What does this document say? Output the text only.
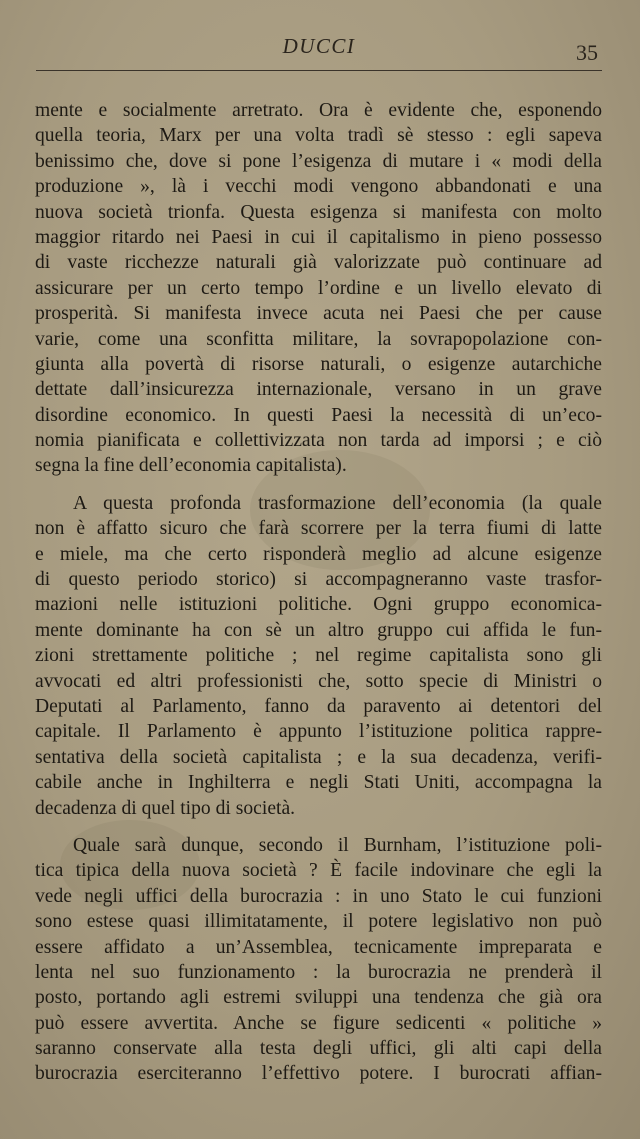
DUCCI	35
mente e socialmente arretrato. Ora è evidente che, esponendo
quella teoria, Marx per una volta tradì sè stesso : egli sapeva
benissimo che, dove si pone l’esigenza di mutare i « modi della
produzione », là i vecchi modi vengono abbandonati e una
nuova società trionfa. Questa esigenza si manifesta con molto
maggior ritardo nei Paesi in cui il capitalismo in pieno possesso
di vaste ricchezze naturali già valorizzate può continuare ad
assicurare per un certo tempo l’ordine e un livello elevato di
prosperità. Si manifesta invece acuta nei Paesi che per cause
varie, come una sconfitta militare, la sovrapopolazione con-
giunta alla povertà di risorse naturali, o esigenze autarchiche
dettate dall’insicurezza internazionale, versano in un grave
disordine economico. In questi Paesi la necessità di un’eco-
nomia pianificata e collettivizzata non tarda ad imporsi ; e ciò
segna la fine dell’economia capitalista).
A questa profonda trasformazione dell’economia (la quale
non è affatto sicuro che farà scorrere per la terra fiumi di latte
e miele, ma che certo risponderà meglio ad alcune esigenze
di questo periodo storico) si accompagneranno vaste trasfor-
mazioni nelle istituzioni politiche. Ogni gruppo economica-
mente dominante ha con sè un altro gruppo cui affida le fun-
zioni strettamente politiche ; nel regime capitalista sono gli
avvocati ed altri professionisti che, sotto specie di Ministri o
Deputati al Parlamento, fanno da paravento ai detentori del
capitale. Il Parlamento è appunto l’istituzione politica rappre-
sentativa della società capitalista ; e la sua decadenza, verifi-
cabile anche in Inghilterra e negli Stati Uniti, accompagna la
decadenza di quel tipo di società.
Quale sarà dunque, secondo il Burnham, l’istituzione poli-
tica tipica della nuova società ? È facile indovinare che egli la
vede negli uffici della burocrazia : in uno Stato le cui funzioni
sono estese quasi illimitatamente, il potere legislativo non può
essere affidato a un’Assemblea, tecnicamente impreparata e
lenta nel suo funzionamento : la burocrazia ne prenderà il
posto, portando agli estremi sviluppi una tendenza che già ora
può essere avvertita. Anche se figure sedicenti « politiche »
saranno conservate alla testa degli uffici, gli alti capi della
burocrazia eserciteranno l’effettivo potere. I burocrati affian-
